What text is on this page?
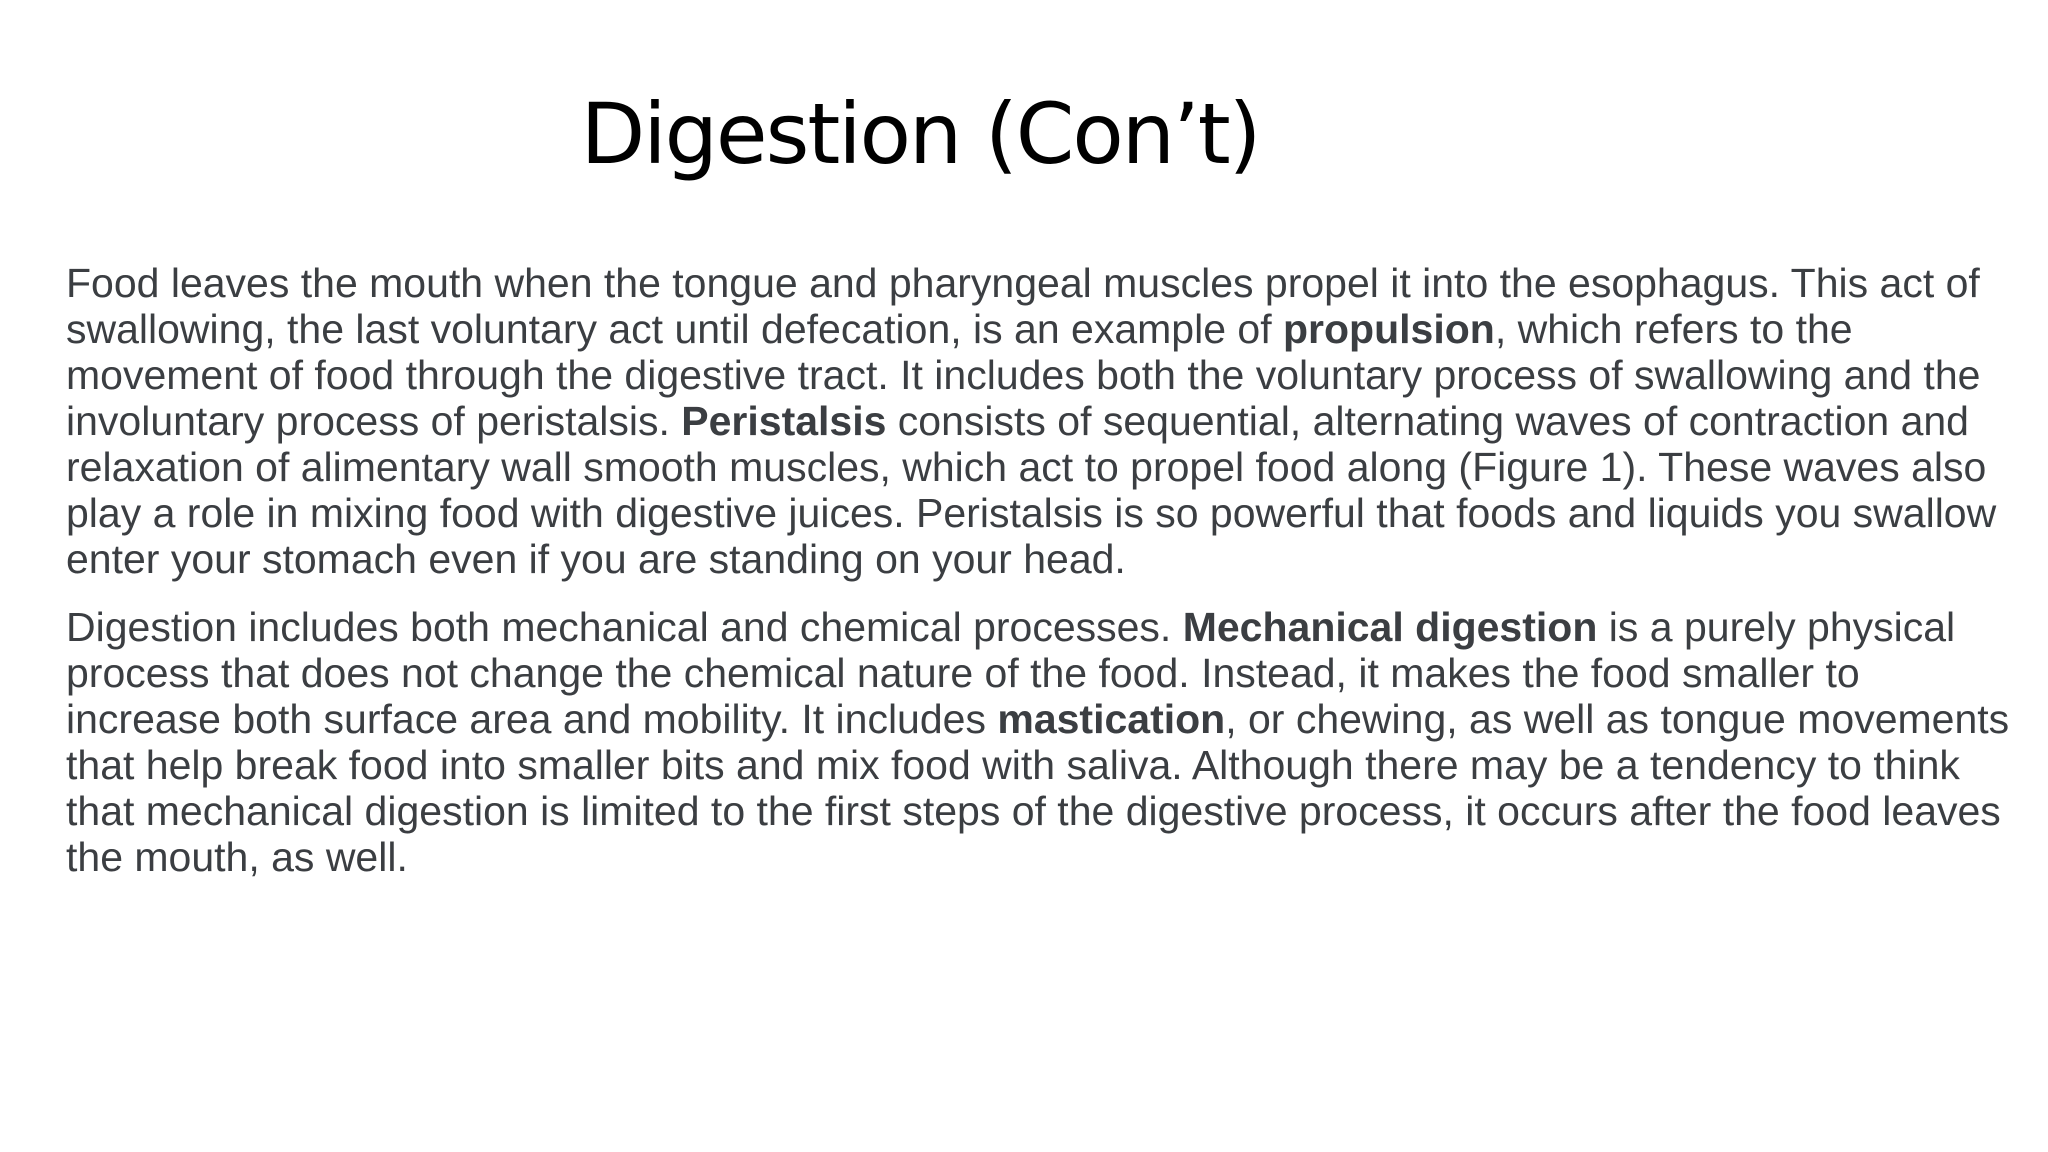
Digestion (Con’t)

Food leaves the mouth when the tongue and pharyngeal muscles propel it into the esophagus. This act of swallowing, the last voluntary act until defecation, is an example of propulsion, which refers to the movement of food through the digestive tract. It includes both the voluntary process of swallowing and the involuntary process of peristalsis. Peristalsis consists of sequential, alternating waves of contraction and relaxation of alimentary wall smooth muscles, which act to propel food along (Figure 1). These waves also play a role in mixing food with digestive juices. Peristalsis is so powerful that foods and liquids you swallow enter your stomach even if you are standing on your head.

Digestion includes both mechanical and chemical processes. Mechanical digestion is a purely physical process that does not change the chemical nature of the food. Instead, it makes the food smaller to increase both surface area and mobility. It includes mastication, or chewing, as well as tongue movements that help break food into smaller bits and mix food with saliva. Although there may be a tendency to think that mechanical digestion is limited to the first steps of the digestive process, it occurs after the food leaves the mouth, as well.
